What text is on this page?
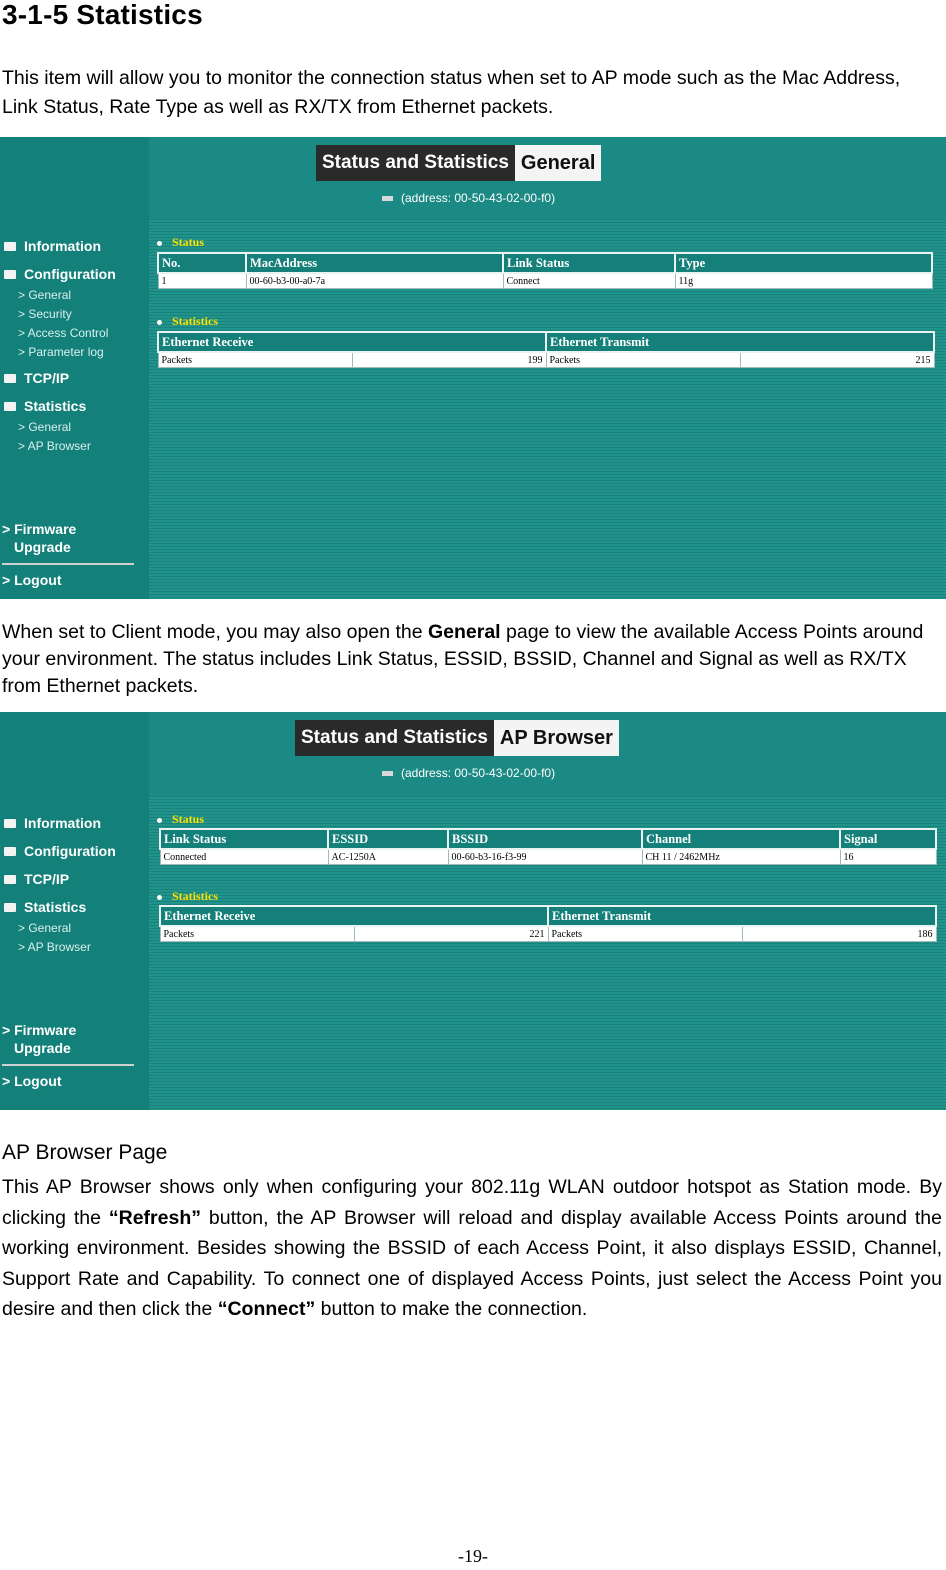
3-1-5 Statistics

This item will allow you to monitor the connection status when set to AP mode such as the Mac Address, Link Status, Rate Type as well as RX/TX from Ethernet packets.

Status and Statistics General
(address: 00-50-43-02-00-f0)
Information
Configuration
> General
> Security
> Access Control
> Parameter log
TCP/IP
Statistics
> General
> AP Browser
> Firmware
Upgrade
> Logout
Status
No.	MacAddress	Link Status	Type
1	00-60-b3-00-a0-7a	Connect	11g
Statistics
Ethernet Receive		Ethernet Transmit	
Packets	199	Packets	215

When set to Client mode, you may also open the General page to view the available Access Points around your environment. The status includes Link Status, ESSID, BSSID, Channel and Signal as well as RX/TX from Ethernet packets.

Status and Statistics AP Browser
(address: 00-50-43-02-00-f0)
Information
Configuration
TCP/IP
Statistics
> General
> AP Browser
> Firmware
Upgrade
> Logout
Status
Link Status	ESSID	BSSID	Channel	Signal
Connected	AC-1250A	00-60-b3-16-f3-99	CH 11 / 2462MHz	16
Statistics
Ethernet Receive		Ethernet Transmit	
Packets	221	Packets	186

AP Browser Page

This AP Browser shows only when configuring your 802.11g WLAN outdoor hotspot as Station mode. By clicking the “Refresh” button, the AP Browser will reload and display available Access Points around the working environment. Besides showing the BSSID of each Access Point, it also displays ESSID, Channel, Support Rate and Capability. To connect one of displayed Access Points, just select the Access Point you desire and then click the “Connect” button to make the connection.

-19-
